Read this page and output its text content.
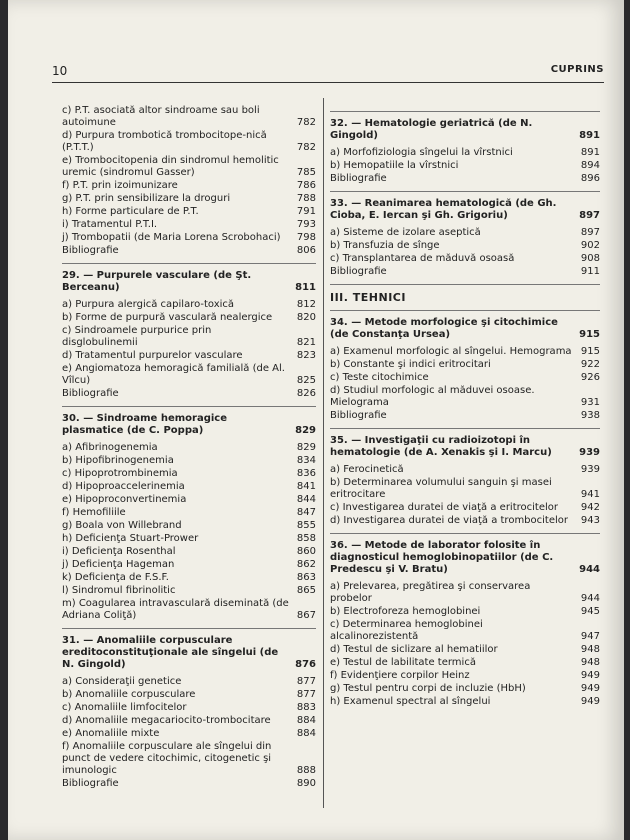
10	CUPRINS
c) P.T. asociată altor sindroame sau boli autoimune	782
d) Purpura trombotică trombocitope-nică (P.T.T.)	782
e) Trombocitopenia din sindromul hemolitic uremic (sindromul Gasser)	785
f) P.T. prin izoimunizare	786
g) P.T. prin sensibilizare la droguri	788
h) Forme particulare de P.T.	791
i) Tratamentul P.T.I.	793
j) Trombopatii (de Maria Lorena Scrobohaci) 798
Bibliografie	806
29. — Purpurele vasculare (de Şt. Berceanu)	811
a) Purpura alergică capilaro-toxică	812
b) Forme de purpură vasculară nealergice 820
c) Sindroamele purpurice prin disglobulinemii	821
d) Tratamentul purpurelor vasculare	823
e) Angiomatoza hemoragică familială (de Al. Vîlcu)	825
Bibliografie	826
30. — Sindroame hemoragice plasmatice (de C. Poppa)	829
a) Afibrinogenemia	829
b) Hipofibrinogenemia	834
c) Hipoprotrombinemia	836
d) Hipoproaccelerinemia	841
e) Hipoproconvertinemia	844
f) Hemofiliile	847
g) Boala von Willebrand	855
h) Deficienţa Stuart-Prower	858
i) Deficienţa Rosenthal	860
j) Deficienţa Hageman	862
k) Deficienţa de F.S.F.	863
l) Sindromul fibrinolitic	865
m) Coagularea intravasculară diseminată (de Adriana Coliţă)	867
31. — Anomaliile corpusculare ereditoconstituţionale ale sîngelui (de N. Gingold)	876
a) Consideraţii genetice	877
b) Anomaliile corpusculare	877
c) Anomaliile limfocitelor	883
d) Anomaliile megacariocito-trombocitare	884
e) Anomaliile mixte	884
f) Anomaliile corpusculare ale sîngelui din punct de vedere citochimic, citogenetic şi imunologic	888
Bibliografie	890
32. — Hematologie geriatrică (de N. Gingold)	891
a) Morfofiziologia sîngelui la vîrstnici	891
b) Hemopatiile la vîrstnici	894
Bibliografie	896
33. — Reanimarea hematologică (de Gh. Cioba, E. Iercan şi Gh. Grigoriu)	897
a) Sisteme de izolare aseptică	897
b) Transfuzia de sînge	902
c) Transplantarea de măduvă osoasă	908
Bibliografie	911
III. TEHNICI
34. — Metode morfologice şi citochimice (de Constanţa Ursea)	915
a) Examenul morfologic al sîngelui. Hemograma 915
b) Constante şi indici eritrocitari	922
c) Teste citochimice	926
d) Studiul morfologic al măduvei osoase. Mielograma	931
Bibliografie	938
35. — Investigaţii cu radioizotopi în hematologie (de A. Xenakis şi I. Marcu)	939
a) Ferocinetică	939
b) Determinarea volumului sanguin şi masei eritrocitare	941
c) Investigarea duratei de viaţă a eritrocitelor 942
d) Investigarea duratei de viaţă a trombocitelor 943
36. — Metode de laborator folosite în diagnosticul hemoglobinopatiilor (de C. Predescu şi V. Bratu)	944
a) Prelevarea, pregătirea şi conservarea probelor	944
b) Electroforeza hemoglobinei	945
c) Determinarea hemoglobinei alcalinorezistentă	947
d) Testul de siclizare al hematiilor	948
e) Testul de labilitate termică	948
f) Evidenţiere corpilor Heinz	949
g) Testul pentru corpi de incluzie (HbH)	949
h) Examenul spectral al sîngelui	949
